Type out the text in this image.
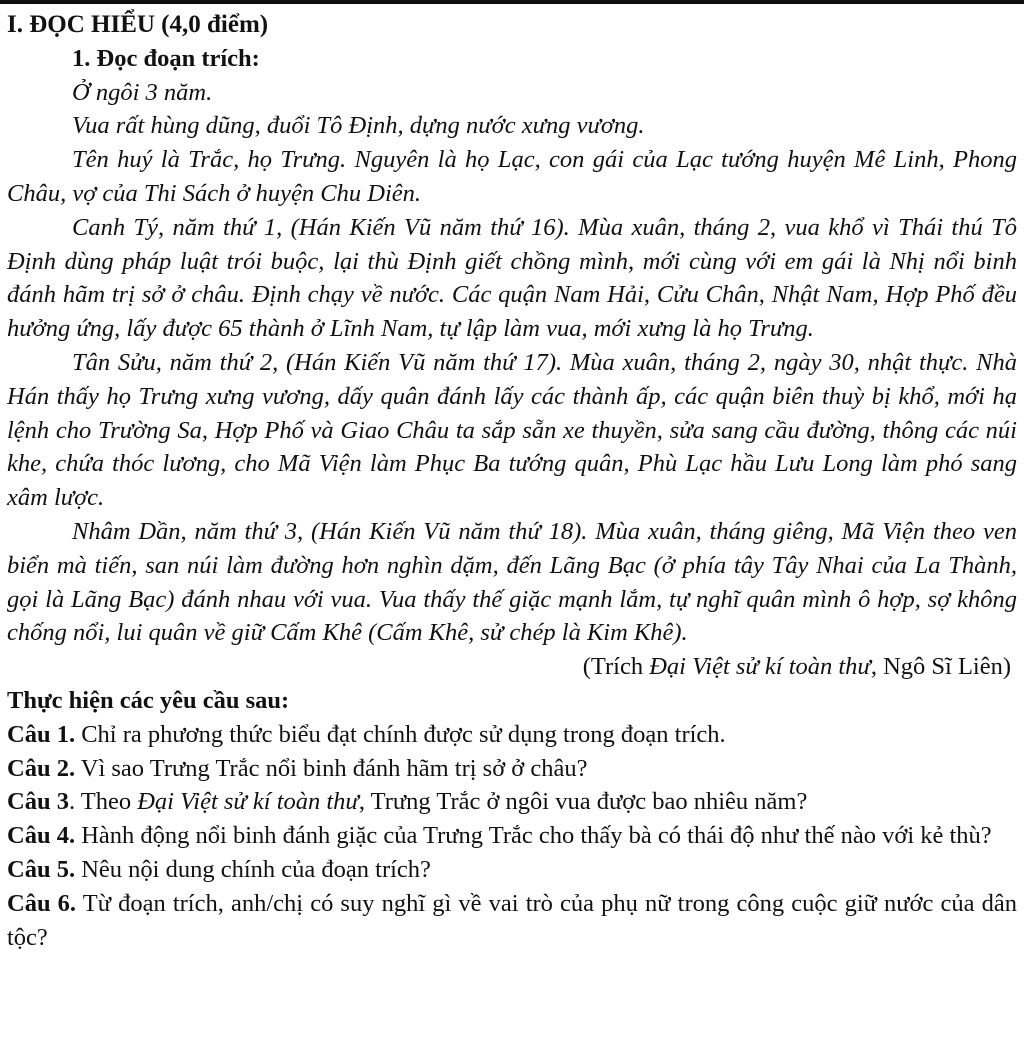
I. ĐỌC HIỂU (4,0 điểm)

1. Đọc đoạn trích:

Ở ngôi 3 năm.

Vua rất hùng dũng, đuổi Tô Định, dựng nước xưng vương.

Tên huý là Trắc, họ Trưng. Nguyên là họ Lạc, con gái của Lạc tướng huyện Mê Linh, Phong Châu, vợ của Thi Sách ở huyện Chu Diên.

Canh Tý, năm thứ 1, (Hán Kiến Vũ năm thứ 16). Mùa xuân, tháng 2, vua khổ vì Thái thú Tô Định dùng pháp luật trói buộc, lại thù Định giết chồng mình, mới cùng với em gái là Nhị nổi binh đánh hãm trị sở ở châu. Định chạy về nước. Các quận Nam Hải, Cửu Chân, Nhật Nam, Hợp Phố đều hưởng ứng, lấy được 65 thành ở Lĩnh Nam, tự lập làm vua, mới xưng là họ Trưng.

Tân Sửu, năm thứ 2, (Hán Kiến Vũ năm thứ 17). Mùa xuân, tháng 2, ngày 30, nhật thực. Nhà Hán thấy họ Trưng xưng vương, dấy quân đánh lấy các thành ấp, các quận biên thuỳ bị khổ, mới hạ lệnh cho Trường Sa, Hợp Phố và Giao Châu ta sắp sẵn xe thuyền, sửa sang cầu đường, thông các núi khe, chứa thóc lương, cho Mã Viện làm Phục Ba tướng quân, Phù Lạc hầu Lưu Long làm phó sang xâm lược.

Nhâm Dần, năm thứ 3, (Hán Kiến Vũ năm thứ 18). Mùa xuân, tháng giêng, Mã Viện theo ven biển mà tiến, san núi làm đường hơn nghìn dặm, đến Lãng Bạc (ở phía tây Tây Nhai của La Thành, gọi là Lãng Bạc) đánh nhau với vua. Vua thấy thế giặc mạnh lắm, tự nghĩ quân mình ô hợp, sợ không chống nổi, lui quân về giữ Cấm Khê (Cấm Khê, sử chép là Kim Khê).

(Trích Đại Việt sử kí toàn thư, Ngô Sĩ Liên)

Thực hiện các yêu cầu sau:

Câu 1. Chỉ ra phương thức biểu đạt chính được sử dụng trong đoạn trích.

Câu 2. Vì sao Trưng Trắc nổi binh đánh hãm trị sở ở châu?

Câu 3. Theo Đại Việt sử kí toàn thư, Trưng Trắc ở ngôi vua được bao nhiêu năm?

Câu 4. Hành động nổi binh đánh giặc của Trưng Trắc cho thấy bà có thái độ như thế nào với kẻ thù?

Câu 5. Nêu nội dung chính của đoạn trích?

Câu 6. Từ đoạn trích, anh/chị có suy nghĩ gì về vai trò của phụ nữ trong công cuộc giữ nước của dân tộc?
